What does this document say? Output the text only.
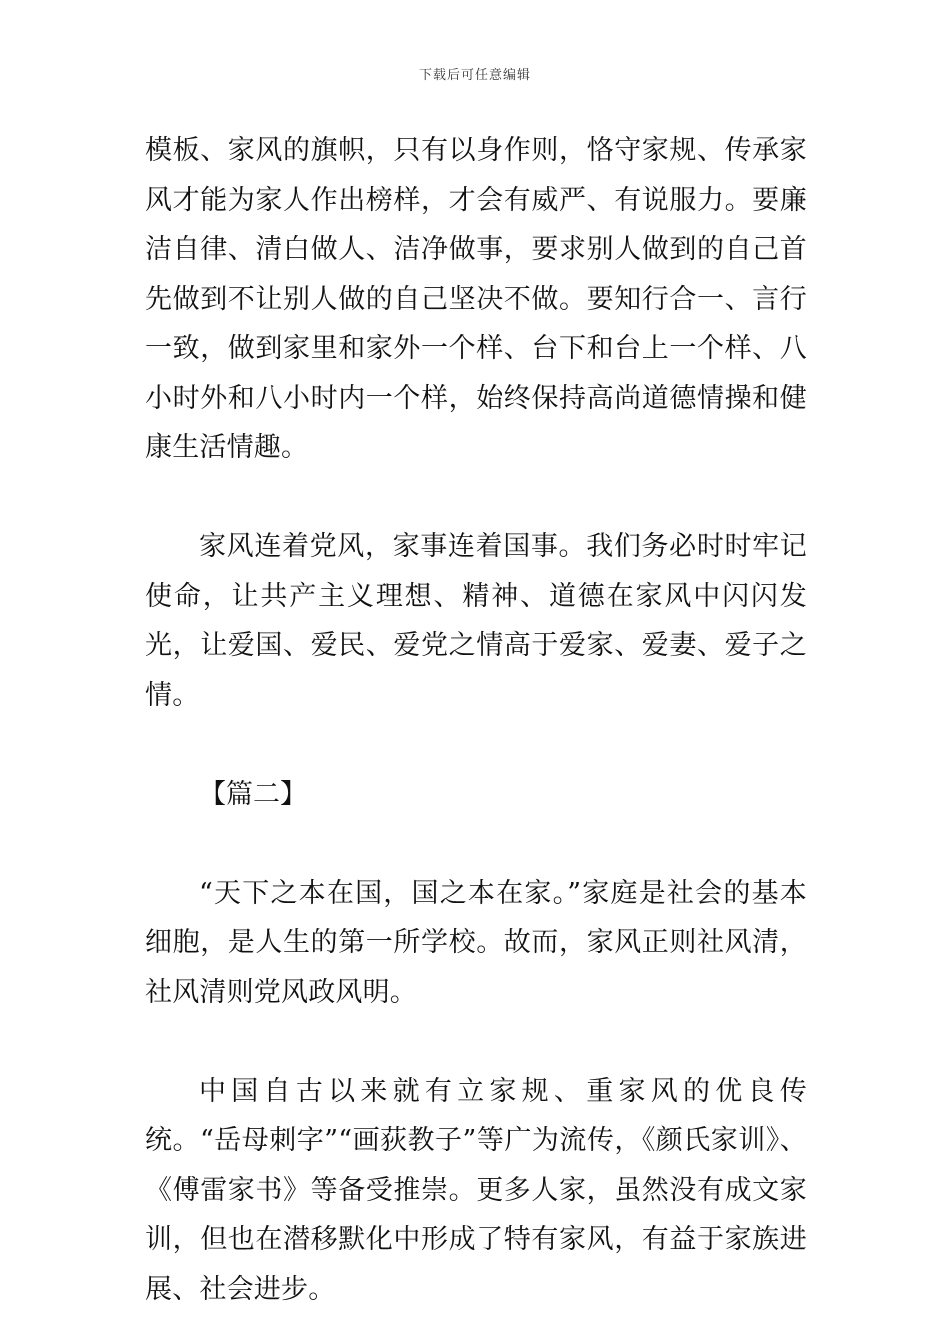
下载后可任意编辑

模板、家风的旗帜，只有以身作则，恪守家规、传承家风才能为家人作出榜样，才会有威严、有说服力。要廉洁自律、清白做人、洁净做事，要求别人做到的自己首先做到不让别人做的自己坚决不做。要知行合一、言行一致，做到家里和家外一个样、台下和台上一个样、八小时外和八小时内一个样，始终保持高尚道德情操和健康生活情趣。

家风连着党风，家事连着国事。我们务必时时牢记使命，让共产主义理想、精神、道德在家风中闪闪发光，让爱国、爱民、爱党之情高于爱家、爱妻、爱子之情。

【篇二】

“天下之本在国，国之本在家。”家庭是社会的基本细胞，是人生的第一所学校。故而，家风正则社风清，社风清则党风政风明。

中国自古以来就有立家规、重家风的优良传统。“岳母刺字”“画荻教子”等广为流传，《颜氏家训》、《傅雷家书》等备受推崇。更多人家，虽然没有成文家训，但也在潜移默化中形成了特有家风，有益于家族进展、社会进步。
